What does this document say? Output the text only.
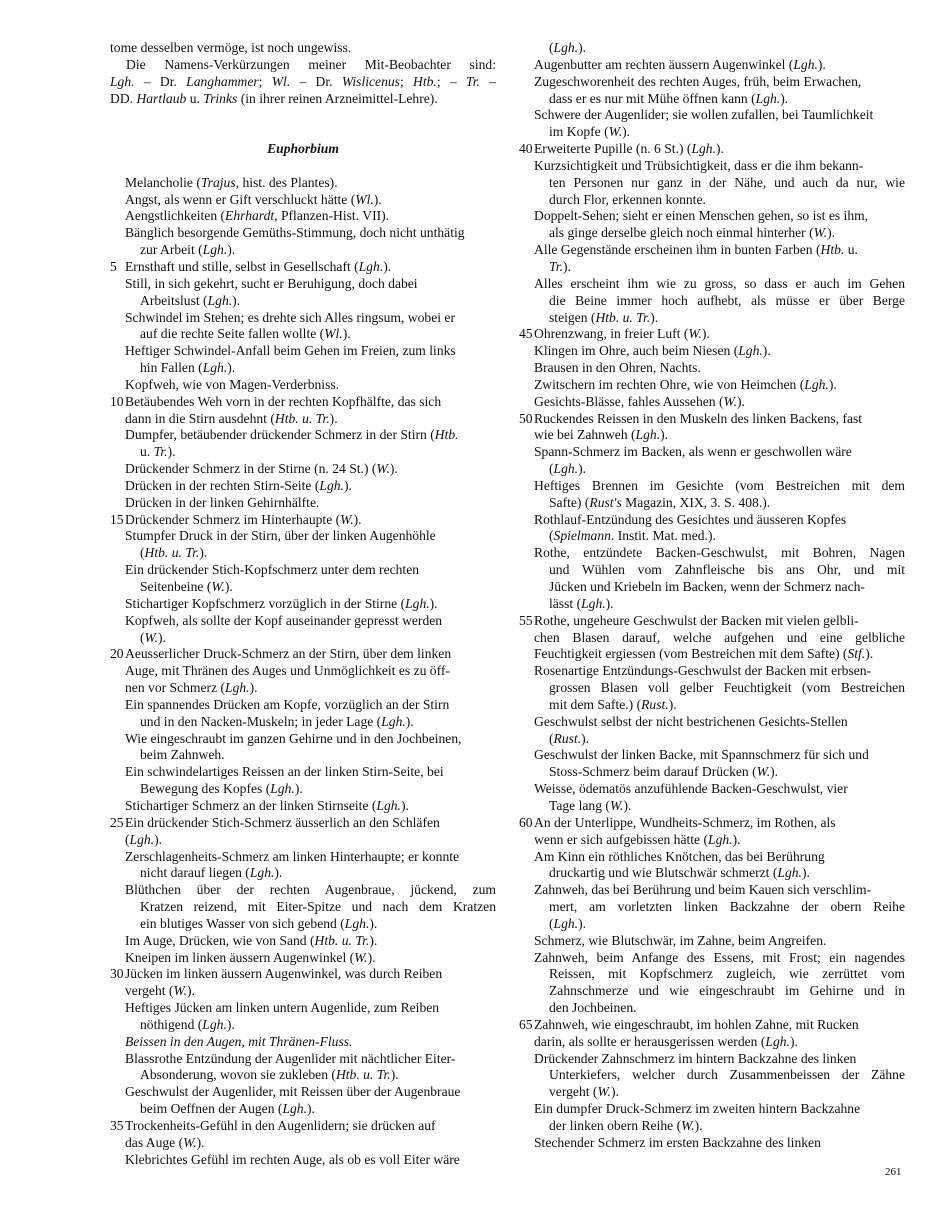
tome desselben vermöge, ist noch ungewiss.
Die Namens-Verkürzungen meiner Mit-Beobachter sind:
Lgh. – Dr. Langhammer; Wl. – Dr. Wislicenus; Htb.; – Tr. –
DD. Hartlaub u. Trinks (in ihrer reinen Arzneimittel-Lehre).
Euphorbium
Melancholie (Trajus, hist. des Plantes).
Angst, als wenn er Gift verschluckt hätte (Wl.).
Aengstlichkeiten (Ehrhardt, Pflanzen-Hist. VII).
Bänglich besorgende Gemüths-Stimmung, doch nicht unthätig
zur Arbeit (Lgh.).
5 Ernsthaft und stille, selbst in Gesellschaft (Lgh.).
Still, in sich gekehrt, sucht er Beruhigung, doch dabei
Arbeitslust (Lgh.).
Schwindel im Stehen; es drehte sich Alles ringsum, wobei er
auf die rechte Seite fallen wollte (Wl.).
Heftiger Schwindel-Anfall beim Gehen im Freien, zum links
hin Fallen (Lgh.).
Kopfweh, wie von Magen-Verderbniss.
10 Betäubendes Weh vorn in der rechten Kopfhälfte, das sich
dann in die Stirn ausdehnt (Htb. u. Tr.).
Dumpfer, betäubender drückender Schmerz in der Stirn (Htb.
u. Tr.).
Drückender Schmerz in der Stirne (n. 24 St.) (W.).
Drücken in der rechten Stirn-Seite (Lgh.).
Drücken in der linken Gehirnhälfte.
15 Drückender Schmerz im Hinterhaupte (W.).
Stumpfer Druck in der Stirn, über der linken Augenhöhle
(Htb. u. Tr.).
Ein drückender Stich-Kopfschmerz unter dem rechten
Seitenbeine (W.).
Stichartiger Kopfschmerz vorzüglich in der Stirne (Lgh.).
Kopfweh, als sollte der Kopf auseinander gepresst werden
(W.).
20 Aeusserlicher Druck-Schmerz an der Stirn, über dem linken
Auge, mit Thränen des Auges und Unmöglichkeit es zu öff-
nen vor Schmerz (Lgh.).
Ein spannendes Drücken am Kopfe, vorzüglich an der Stirn
und in den Nacken-Muskeln; in jeder Lage (Lgh.).
Wie eingeschraubt im ganzen Gehirne und in den Jochbeinen,
beim Zahnweh.
Ein schwindelartiges Reissen an der linken Stirn-Seite, bei
Bewegung des Kopfes (Lgh.).
Stichartiger Schmerz an der linken Stirnseite (Lgh.).
25 Ein drückender Stich-Schmerz äusserlich an den Schläfen
(Lgh.).
Zerschlagenheits-Schmerz am linken Hinterhaupte; er konnte
nicht darauf liegen (Lgh.).
Blüthchen über der rechten Augenbraue, jückend, zum
Kratzen reizend, mit Eiter-Spitze und nach dem Kratzen
ein blutiges Wasser von sich gebend (Lgh.).
Im Auge, Drücken, wie von Sand (Htb. u. Tr.).
Kneipen im linken äussern Augenwinkel (W.).
30 Jücken im linken äussern Augenwinkel, was durch Reiben
vergeht (W.).
Heftiges Jücken am linken untern Augenlide, zum Reiben
nöthigend (Lgh.).
Beissen in den Augen, mit Thränen-Fluss.
Blassrothe Entzündung der Augenlider mit nächtlicher Eiter-
Absonderung, wovon sie zukleben (Htb. u. Tr.).
Geschwulst der Augenlider, mit Reissen über der Augenbraue
beim Oeffnen der Augen (Lgh.).
35 Trockenheits-Gefühl in den Augenlidern; sie drücken auf
das Auge (W.).
Klebrichtes Gefühl im rechten Auge, als ob es voll Eiter wäre
(Lgh.).
Augenbutter am rechten äussern Augenwinkel (Lgh.).
Zugeschworenheit des rechten Auges, früh, beim Erwachen,
dass er es nur mit Mühe öffnen kann (Lgh.).
Schwere der Augenlider; sie wollen zufallen, bei Taumlichkeit
im Kopfe (W.).
40 Erweiterte Pupille (n. 6 St.) (Lgh.).
Kurzsichtigkeit und Trübsichtigkeit, dass er die ihm bekann-
ten Personen nur ganz in der Nähe, und auch da nur, wie
durch Flor, erkennen konnte.
Doppelt-Sehen; sieht er einen Menschen gehen, so ist es ihm,
als ginge derselbe gleich noch einmal hinterher (W.).
Alle Gegenstände erscheinen ihm in bunten Farben (Htb. u.
Tr.).
Alles erscheint ihm wie zu gross, so dass er auch im Gehen
die Beine immer hoch aufhebt, als müsse er über Berge
steigen (Htb. u. Tr.).
45 Ohrenzwang, in freier Luft (W.).
Klingen im Ohre, auch beim Niesen (Lgh.).
Brausen in den Ohren, Nachts.
Zwitschern im rechten Ohre, wie von Heimchen (Lgh.).
Gesichts-Blässe, fahles Aussehen (W.).
50 Ruckendes Reissen in den Muskeln des linken Backens, fast
wie bei Zahnweh (Lgh.).
Spann-Schmerz im Backen, als wenn er geschwollen wäre
(Lgh.).
Heftiges Brennen im Gesichte (vom Bestreichen mit dem
Safte) (Rust's Magazin, XIX, 3. S. 408.).
Rothlauf-Entzündung des Gesichtes und äusseren Kopfes
(Spielmann. Instit. Mat. med.).
Rothe, entzündete Backen-Geschwulst, mit Bohren, Nagen
und Wühlen vom Zahnfleische bis ans Ohr, und mit
Jücken und Kriebeln im Backen, wenn der Schmerz nach-
lässt (Lgh.).
55 Rothe, ungeheure Geschwulst der Backen mit vielen gelbli-
chen Blasen darauf, welche aufgehen und eine gelbliche
Feuchtigkeit ergiessen (vom Bestreichen mit dem Safte) (Stf.).
Rosenartige Entzündungs-Geschwulst der Backen mit erbsen-
grossen Blasen voll gelber Feuchtigkeit (vom Bestreichen
mit dem Safte.) (Rust.).
Geschwulst selbst der nicht bestrichenen Gesichts-Stellen
(Rust.).
Geschwulst der linken Backe, mit Spannschmerz für sich und
Stoss-Schmerz beim darauf Drücken (W.).
Weisse, ödematös anzufühlende Backen-Geschwulst, vier
Tage lang (W.).
60 An der Unterlippe, Wundheits-Schmerz, im Rothen, als
wenn er sich aufgebissen hätte (Lgh.).
Am Kinn ein röthliches Knötchen, das bei Berührung
druckartig und wie Blutschwär schmerzt (Lgh.).
Zahnweh, das bei Berührung und beim Kauen sich verschlim-
mert, am vorletzten linken Backzahne der obern Reihe
(Lgh.).
Schmerz, wie Blutschwär, im Zahne, beim Angreifen.
Zahnweh, beim Anfange des Essens, mit Frost; ein nagendes
Reissen, mit Kopfschmerz zugleich, wie zerrüttet vom
Zahnschmerze und wie eingeschraubt im Gehirne und in
den Jochbeinen.
65 Zahnweh, wie eingeschraubt, im hohlen Zahne, mit Rucken
darin, als sollte er herausgerissen werden (Lgh.).
Drückender Zahnschmerz im hintern Backzahne des linken
Unterkiefers, welcher durch Zusammenbeissen der Zähne
vergeht (W.).
Ein dumpfer Druck-Schmerz im zweiten hintern Backzahne
der linken obern Reihe (W.).
Stechender Schmerz im ersten Backzahne des linken
261
